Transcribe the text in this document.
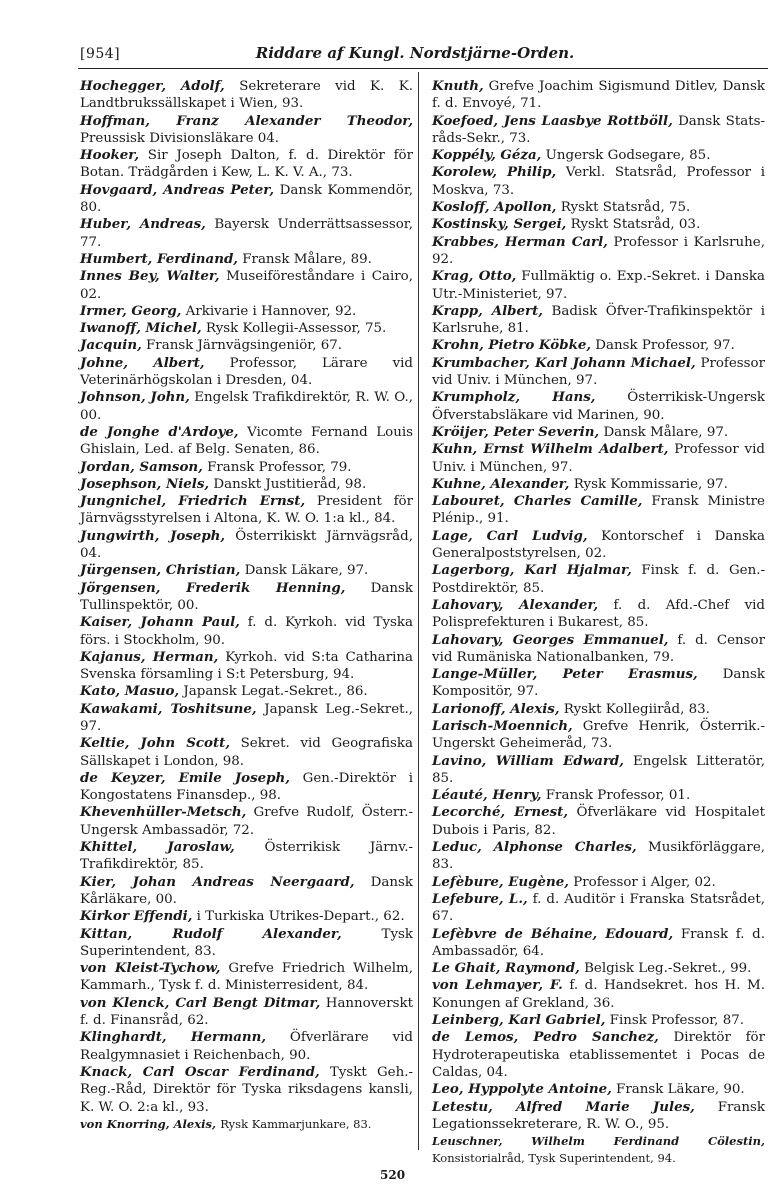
[954]	Riddare af Kungl. Nordstjärne-Orden.
Hochegger, Adolf, Sekreterare vid K. K. Landtbrukssällskapet i Wien, 93.
Hoffman, Franz Alexander Theodor, Preussisk Divisionsläkare 04.
Hooker, Sir Joseph Dalton, f. d. Direktör för Botan. Trädgården i Kew, L. K. V. A., 73.
Hovgaard, Andreas Peter, Dansk Kommendör, 80.
Huber, Andreas, Bayersk Underrättsassessor, 77.
Humbert, Ferdinand, Fransk Målare, 89.
Innes Bey, Walter, Museiföreståndare i Cairo, 02.
Irmer, Georg, Arkivarie i Hannover, 92.
Iwanoff, Michel, Rysk Kollegii-Assessor, 75.
Jacquin, Fransk Järnvägsingeniör, 67.
Johne, Albert, Professor, Lärare vid Veterinärhögskolan i Dresden, 04.
Johnson, John, Engelsk Trafikdirektör, R. W. O., 00.
de Jonghe d'Ardoye, Vicomte Fernand Louis Ghislain, Led. af Belg. Senaten, 86.
Jordan, Samson, Fransk Professor, 79.
Josephson, Niels, Danskt Justitieråd, 98.
Jungnichel, Friedrich Ernst, President för Järnvägsstyrelsen i Altona, K. W. O. 1:a kl., 84.
Jungwirth, Joseph, Österrikiskt Järnvägsråd, 04.
Jürgensen, Christian, Dansk Läkare, 97.
Jörgensen, Frederik Henning, Dansk Tullinspektör, 00.
Kaiser, Johann Paul, f. d. Kyrkoh. vid Tyska förs. i Stockholm, 90.
Kajanus, Herman, Kyrkoh. vid S:ta Catharina Svenska församling i S:t Petersburg, 94.
Kato, Masuo, Japansk Legat.-Sekret., 86.
Kawakami, Toshitsune, Japansk Leg.-Sekret., 97.
Keltie, John Scott, Sekret. vid Geografiska Sällskapet i London, 98.
de Keyzer, Emile Joseph, Gen.-Direktör i Kongostatens Finansdep., 98.
Khevenhüller-Metsch, Grefve Rudolf, Österr.-Ungersk Ambassadör, 72.
Khittel, Jaroslaw, Österrikisk Järnv.-Trafikdirektör, 85.
Kier, Johan Andreas Neergaard, Dansk Kårläkare, 00.
Kirkor Effendi, i Turkiska Utrikes-Depart., 62.
Kittan, Rudolf Alexander,	Tysk Superintendent, 83.
von Kleist-Tychow, Grefve Friedrich Wilhelm, Kammarh., Tysk f. d. Ministerresident, 84.
von Klenck, Carl Bengt Ditmar, Hannoverskt f. d. Finansråd, 62.
Klinghardt, Hermann, Öfverlärare vid Realgymnasiet i Reichenbach, 90.
Knack, Carl Oscar Ferdinand, Tyskt Geh.-Reg.-Råd, Direktör för Tyska riksdagens kansli, K. W. O. 2:a kl., 93.
von Knorring, Alexis, Rysk Kammarjunkare, 83.
Knuth, Grefve Joachim Sigismund Ditlev, Dansk f. d. Envoyé, 71.
Koefoed, Jens Laasbye Rottböll, Dansk Stats-råds-Sekr., 73.
Koppély, Géza, Ungersk Godsegare, 85.
Korolew, Philip, Verkl. Statsråd, Professor i Moskva, 73.
Kosloff, Apollon, Ryskt Statsråd, 75.
Kostinsky, Sergei, Ryskt Statsråd, 03.
Krabbes, Herman Carl, Professor i Karlsruhe, 92.
Krag, Otto, Fullmäktig o. Exp.-Sekret. i Danska Utr.-Ministeriet, 97.
Krapp, Albert, Badisk Öfver-Trafikinspektör i Karlsruhe, 81.
Krohn, Pietro Köbke, Dansk Professor, 97.
Krumbacher, Karl Johann Michael, Professor vid Univ. i München, 97.
Krumpholz, Hans, Österrikisk-Ungersk Öfverstabsläkare vid Marinen, 90.
Kröijer, Peter Severin, Dansk Målare, 97.
Kuhn, Ernst Wilhelm Adalbert, Professor vid Univ. i München, 97.
Kuhne, Alexander, Rysk Kommissarie, 97.
Labouret, Charles Camille, Fransk Ministre Plénip., 91.
Lage, Carl Ludvig, Kontorschef i Danska Generalpoststyrelsen, 02.
Lagerborg, Karl Hjalmar, Finsk f. d. Gen.-Postdirektör, 85.
Lahovary, Alexander, f. d. Afd.-Chef vid Polisprefekturen i Bukarest, 85.
Lahovary, Georges Emmanuel, f. d. Censor vid Rumäniska Nationalbanken, 79.
Lange-Müller, Peter Erasmus, Dansk Kompositör, 97.
Larionoff, Alexis, Ryskt Kollegiiråd, 83.
Larisch-Moennich, Grefve Henrik, Österrik.-Ungerskt Geheimeråd, 73.
Lavino, William Edward, Engelsk Litteratör, 85.
Léauté, Henry, Fransk Professor, 01.
Lecorché, Ernest, Öfverläkare vid Hospitalet Dubois i Paris, 82.
Leduc, Alphonse Charles, Musikförläggare, 83.
Lefèbure, Eugène, Professor i Alger, 02.
Lefebure, L., f. d. Auditör i Franska Statsrådet, 67.
Lefèbvre de Béhaine, Edouard, Fransk f. d. Ambassadör, 64.
Le Ghait, Raymond, Belgisk Leg.-Sekret., 99.
von Lehmayer, F. f. d. Handsekret. hos H. M. Konungen af Grekland, 36.
Leinberg, Karl Gabriel, Finsk Professor, 87.
de Lemos, Pedro Sanchez, Direktör för Hydroterapeutiska etablissementet i Pocas de Caldas, 04.
Leo, Hyppolyte Antoine, Fransk Läkare, 90.
Letestu, Alfred Marie Jules, Fransk Legationssekreterare, R. W. O., 95.
Leuschner, Wilhelm Ferdinand Cölestin, Konsistorialråd, Tysk Superintendent, 94.
520
